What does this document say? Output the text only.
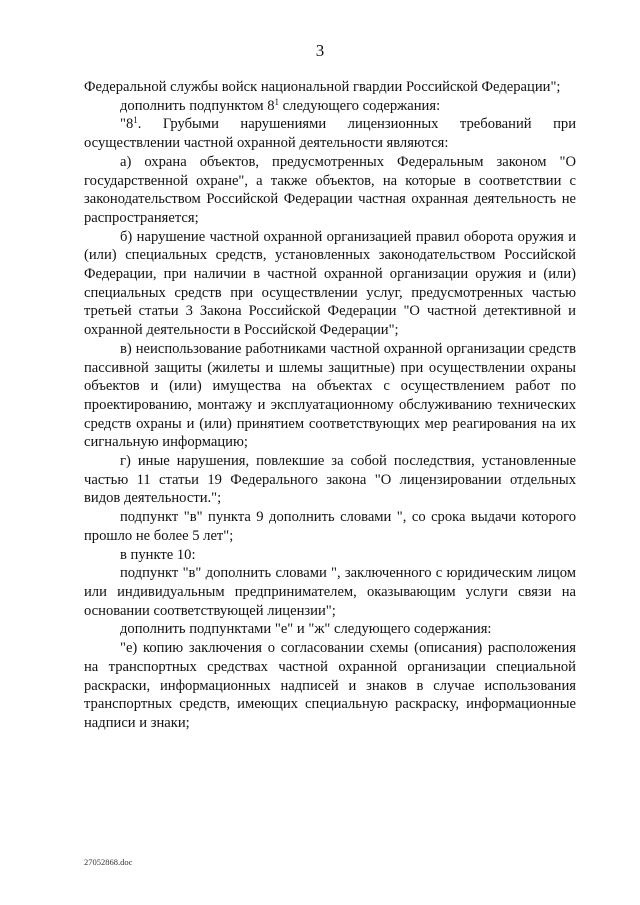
3

Федеральной службы войск национальной гвардии Российской Федерации";

дополнить подпунктом $8^1$ следующего содержания:

"$8^1$. Грубыми нарушениями лицензионных требований при осуществлении частной охранной деятельности являются:

а) охрана объектов, предусмотренных Федеральным законом "О государственной охране", а также объектов, на которые в соответствии с законодательством Российской Федерации частная охранная деятельность не распространяется;

б) нарушение частной охранной организацией правил оборота оружия и (или) специальных средств, установленных законодательством Российской Федерации, при наличии в частной охранной организации оружия и (или) специальных средств при осуществлении услуг, предусмотренных частью третьей статьи 3 Закона Российской Федерации "О частной детективной и охранной деятельности в Российской Федерации";

в) неиспользование работниками частной охранной организации средств пассивной защиты (жилеты и шлемы защитные) при осуществлении охраны объектов и (или) имущества на объектах с осуществлением работ по проектированию, монтажу и эксплуатационному обслуживанию технических средств охраны и (или) принятием соответствующих мер реагирования на их сигнальную информацию;

г) иные нарушения, повлекшие за собой последствия, установленные частью 11 статьи 19 Федерального закона "О лицензировании отдельных видов деятельности.";

подпункт "в" пункта 9 дополнить словами ", со срока выдачи которого прошло не более 5 лет";

в пункте 10:

подпункт "в" дополнить словами ", заключенного с юридическим лицом или индивидуальным предпринимателем, оказывающим услуги связи на основании соответствующей лицензии";

дополнить подпунктами "е" и "ж" следующего содержания:

"е) копию заключения о согласовании схемы (описания) расположения на транспортных средствах частной охранной организации специальной раскраски, информационных надписей и знаков в случае использования транспортных средств, имеющих специальную раскраску, информационные надписи и знаки;

27052868.doc
